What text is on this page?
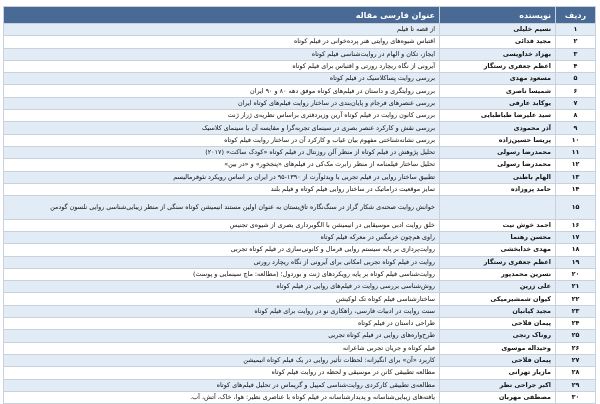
ردیف	نویسنده	عنوان فارسی مقاله
۱	نسیم خلیلی	از قصه تا فیلم
۲	مجید فدائی	اقتباس شیوه‌های روایتی هنر پرده‌خوانی در فیلم کوتاه
۳	بهزاد خداویسی	ایجاز، تکان و الهام در روایت‌شناسی فیلم کوتاه
۴	اعظم جعفری رستگار	آیرونی از نگاه ریچارد رورتی و اقتباس برای فیلم کوتاه
۵	مسعود مهدی	بررسی روایت پساکلاسیک در فیلم کوتاه
۶	شمیسا ناصری	بررسی روایتگری و داستان در فیلم‌های کوتاه موفق دهه ۸۰ و ۹۰ ایران
۷	یوکابد عارفی	بررسی عنصرهای فرجام و پایان‌بندی در ساختار روایت فیلم‌های کوتاه ایران
۸	سید علیرضا طباطبایی	بررسی کانون روایت در فیلم کوتاه آرین وزیردفتری براساس نظریه‌ی ژرار ژنت
۹	آذر محمودی	بررسی نقش و کارکرد عنصر بصری در سینمای تجربه‌گرا و مقایسه آن با سینمای کلاسیک
۱۰	پریسا حسین‌زاده	بررسی نشانه‌شناختی مفهوم بیان غیاب و کارکرد آن در ساختار روایت فیلم کوتاه
۱۱	محمدرضا رسولی	تحلیل پژوهش در فیلم کوتاه از منظر آلن روزنتال در فیلم کوتاه «کودک ساکت» (۲۰۱۷)
۱۲	محمدرضا رسولی	تحلیل ساختار فیلمنامه از منظر رابرت مک‌کی در فیلم‌های «پنجخوِر» و «در بین»
۱۳	الهام باطنی	تطبیق ساختار روایی در فیلم تجربی با ویدئوآرت از ۱۳۹۰-۹۵ در ایران بر اساس رویکرد نئوفرمالیسم
۱۴	حامد پروزاده	تمایز موقعیت دراماتیک در ساختار روایی فیلم کوتاه و فیلم بلند
۱۵		خوانش روایت صحنه‌ی شکار گراز در سنگ‌نگاره تاق‌بستان به عنوان اولین مستند انیمیشن کوتاه سنگی از منظر زیبایی‌شناسی روایی نلسون گودمن
۱۶	احمد خوش نیت	خلق روایت ادبی موسیقایی در انیمیشن با الگوبرداری بصری از شیوه‌ی تجنیس
۱۷	محسن رهنما	راوی هم‌چون خرمگس در معرکه فیلم کوتاه
۱۸	مهدی خدابخشی	روایت‌پردازی بر پایه سیستم روایی فرمال و کانونی‌سازی در فیلم کوتاه تجربی
۱۹	اعظم جعفری رستگار	روایت در فیلم کوتاه تجربی امکانی برای آیرونی از نگاه ریچارد رورتی
۲۰	نسرین محمدپور	روایت‌شناسی فیلم کوتاه بر پایه رویکردهای ژنت و بوردول؛ (مطالعه: ماچ سینمایی و پوست)
۲۱	علی زرین	روش‌شناسی بررسی روایت در فیلم‌های روایی در فیلم کوتاه
۲۲	کیوان شمشیرمیکی	ساختارشناسی فیلم کوتاه تک لوکیشن
۲۳	مجید کیانیان	سنت روایت در ادبیات فارسی، راهکاری نو در روایت برای فیلم کوتاه
۲۴	پیمان فلاحی	طراحی داستان در فیلم کوتاه
۲۵	روناک رنجی	طرح‌واره‌های روایی در فیلم کوتاه تجربی
۲۶	وحیداله موسوی	فیلم کوتاه و جریان تجربی شاعرانه
۲۷	پیمان فلاحی	کاربرد «آن» برای انگیزانه: لحظات تأثیر روایی در یک فیلم کوتاه انیمیشن
۲۸	مازیار تهرانی	مطالعه تطبیقی کانن در موسیقی و لحظه در روایت فیلم کوتاه
۲۹	اکبر جراحی نظر	مطالعه‌ی تطبیقی کارکردی روایت‌شناسی کمپبل و گریماس در تحلیل فیلم‌های کوتاه
۳۰	مصطفی مهربان	یافته‌های زیبایی‌شناسانه و پدیدارشناسانه در فیلم کوتاه با عناصری نظیر: هوا، خاک، آتش، آب.
